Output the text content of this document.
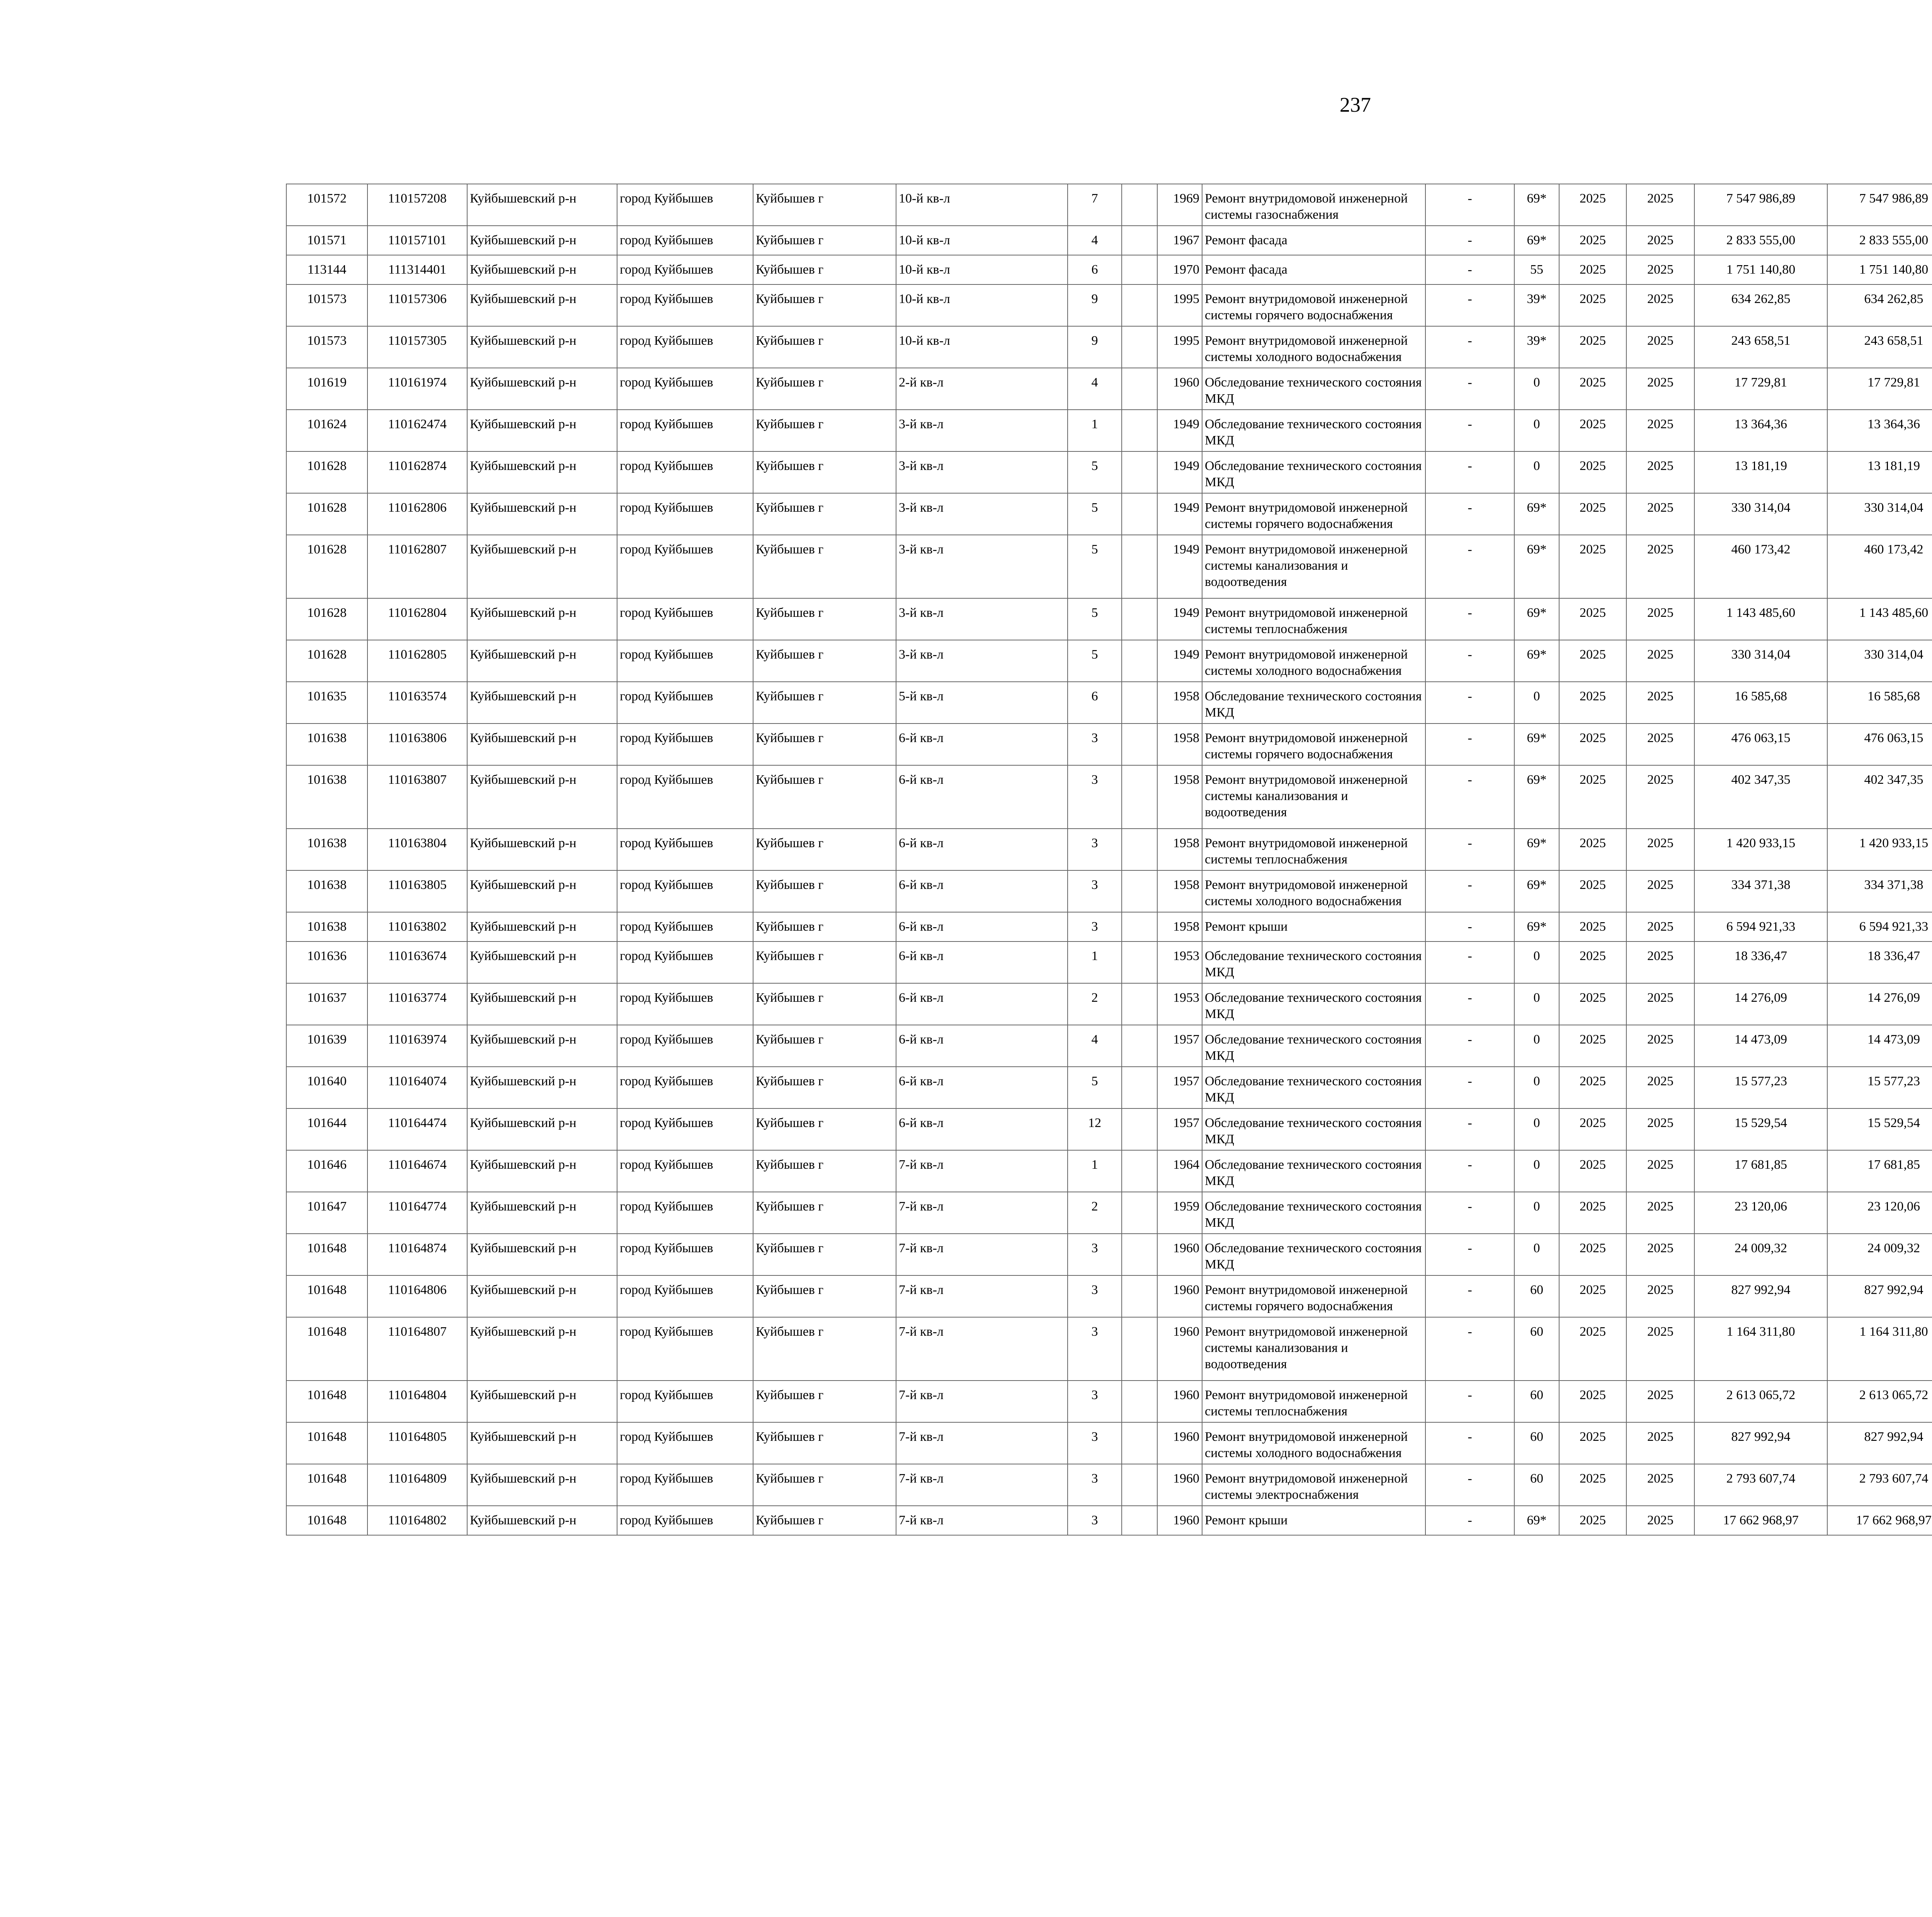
237
101572	110157208	Куйбышевский р-н	город Куйбышев	Куйбышев г	10-й кв-л	7		1969	Ремонт внутридомовой инженерной системы газоснабжения	-	69*	2025	2025	7 547 986,89	7 547 986,89						
101571	110157101	Куйбышевский р-н	город Куйбышев	Куйбышев г	10-й кв-л	4		1967	Ремонт фасада	-	69*	2025	2025	2 833 555,00	2 833 555,00						
113144	111314401	Куйбышевский р-н	город Куйбышев	Куйбышев г	10-й кв-л	6		1970	Ремонт фасада	-	55	2025	2025	1 751 140,80	1 751 140,80						
101573	110157306	Куйбышевский р-н	город Куйбышев	Куйбышев г	10-й кв-л	9		1995	Ремонт внутридомовой инженерной системы горячего водоснабжения	-	39*	2025	2025	634 262,85	634 262,85						
101573	110157305	Куйбышевский р-н	город Куйбышев	Куйбышев г	10-й кв-л	9		1995	Ремонт внутридомовой инженерной системы холодного водоснабжения	-	39*	2025	2025	243 658,51	243 658,51						
101619	110161974	Куйбышевский р-н	город Куйбышев	Куйбышев г	2-й кв-л	4		1960	Обследование технического состояния МКД	-	0	2025	2025	17 729,81	17 729,81						
101624	110162474	Куйбышевский р-н	город Куйбышев	Куйбышев г	3-й кв-л	1		1949	Обследование технического состояния МКД	-	0	2025	2025	13 364,36	13 364,36						
101628	110162874	Куйбышевский р-н	город Куйбышев	Куйбышев г	3-й кв-л	5		1949	Обследование технического состояния МКД	-	0	2025	2025	13 181,19	13 181,19						
101628	110162806	Куйбышевский р-н	город Куйбышев	Куйбышев г	3-й кв-л	5		1949	Ремонт внутридомовой инженерной системы горячего водоснабжения	-	69*	2025	2025	330 314,04	330 314,04						
101628	110162807	Куйбышевский р-н	город Куйбышев	Куйбышев г	3-й кв-л	5		1949	Ремонт внутридомовой инженерной системы канализования и водоотведения	-	69*	2025	2025	460 173,42	460 173,42						
101628	110162804	Куйбышевский р-н	город Куйбышев	Куйбышев г	3-й кв-л	5		1949	Ремонт внутридомовой инженерной системы теплоснабжения	-	69*	2025	2025	1 143 485,60	1 143 485,60						
101628	110162805	Куйбышевский р-н	город Куйбышев	Куйбышев г	3-й кв-л	5		1949	Ремонт внутридомовой инженерной системы холодного водоснабжения	-	69*	2025	2025	330 314,04	330 314,04						
101635	110163574	Куйбышевский р-н	город Куйбышев	Куйбышев г	5-й кв-л	6		1958	Обследование технического состояния МКД	-	0	2025	2025	16 585,68	16 585,68						
101638	110163806	Куйбышевский р-н	город Куйбышев	Куйбышев г	6-й кв-л	3		1958	Ремонт внутридомовой инженерной системы горячего водоснабжения	-	69*	2025	2025	476 063,15	476 063,15						
101638	110163807	Куйбышевский р-н	город Куйбышев	Куйбышев г	6-й кв-л	3		1958	Ремонт внутридомовой инженерной системы канализования и водоотведения	-	69*	2025	2025	402 347,35	402 347,35						
101638	110163804	Куйбышевский р-н	город Куйбышев	Куйбышев г	6-й кв-л	3		1958	Ремонт внутридомовой инженерной системы теплоснабжения	-	69*	2025	2025	1 420 933,15	1 420 933,15						
101638	110163805	Куйбышевский р-н	город Куйбышев	Куйбышев г	6-й кв-л	3		1958	Ремонт внутридомовой инженерной системы холодного водоснабжения	-	69*	2025	2025	334 371,38	334 371,38						
101638	110163802	Куйбышевский р-н	город Куйбышев	Куйбышев г	6-й кв-л	3		1958	Ремонт крыши	-	69*	2025	2025	6 594 921,33	6 594 921,33						
101636	110163674	Куйбышевский р-н	город Куйбышев	Куйбышев г	6-й кв-л	1		1953	Обследование технического состояния МКД	-	0	2025	2025	18 336,47	18 336,47						
101637	110163774	Куйбышевский р-н	город Куйбышев	Куйбышев г	6-й кв-л	2		1953	Обследование технического состояния МКД	-	0	2025	2025	14 276,09	14 276,09						
101639	110163974	Куйбышевский р-н	город Куйбышев	Куйбышев г	6-й кв-л	4		1957	Обследование технического состояния МКД	-	0	2025	2025	14 473,09	14 473,09						
101640	110164074	Куйбышевский р-н	город Куйбышев	Куйбышев г	6-й кв-л	5		1957	Обследование технического состояния МКД	-	0	2025	2025	15 577,23	15 577,23						
101644	110164474	Куйбышевский р-н	город Куйбышев	Куйбышев г	6-й кв-л	12		1957	Обследование технического состояния МКД	-	0	2025	2025	15 529,54	15 529,54						
101646	110164674	Куйбышевский р-н	город Куйбышев	Куйбышев г	7-й кв-л	1		1964	Обследование технического состояния МКД	-	0	2025	2025	17 681,85	17 681,85						
101647	110164774	Куйбышевский р-н	город Куйбышев	Куйбышев г	7-й кв-л	2		1959	Обследование технического состояния МКД	-	0	2025	2025	23 120,06	23 120,06						
101648	110164874	Куйбышевский р-н	город Куйбышев	Куйбышев г	7-й кв-л	3		1960	Обследование технического состояния МКД	-	0	2025	2025	24 009,32	24 009,32						
101648	110164806	Куйбышевский р-н	город Куйбышев	Куйбышев г	7-й кв-л	3		1960	Ремонт внутридомовой инженерной системы горячего водоснабжения	-	60	2025	2025	827 992,94	827 992,94						
101648	110164807	Куйбышевский р-н	город Куйбышев	Куйбышев г	7-й кв-л	3		1960	Ремонт внутридомовой инженерной системы канализования и водоотведения	-	60	2025	2025	1 164 311,80	1 164 311,80						
101648	110164804	Куйбышевский р-н	город Куйбышев	Куйбышев г	7-й кв-л	3		1960	Ремонт внутридомовой инженерной системы теплоснабжения	-	60	2025	2025	2 613 065,72	2 613 065,72						
101648	110164805	Куйбышевский р-н	город Куйбышев	Куйбышев г	7-й кв-л	3		1960	Ремонт внутридомовой инженерной системы холодного водоснабжения	-	60	2025	2025	827 992,94	827 992,94						
101648	110164809	Куйбышевский р-н	город Куйбышев	Куйбышев г	7-й кв-л	3		1960	Ремонт внутридомовой инженерной системы электроснабжения	-	60	2025	2025	2 793 607,74	2 793 607,74						
101648	110164802	Куйбышевский р-н	город Куйбышев	Куйбышев г	7-й кв-л	3		1960	Ремонт крыши	-	69*	2025	2025	17 662 968,97	17 662 968,97						
